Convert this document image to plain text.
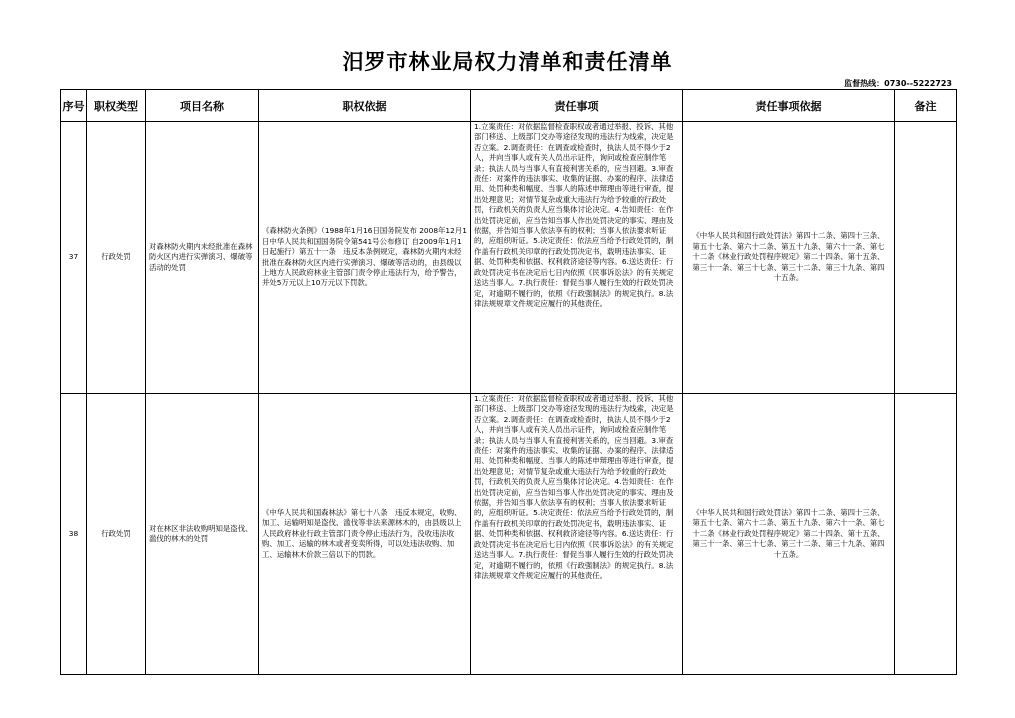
汨罗市林业局权力清单和责任清单
监督热线：0730--5222723
序号	职权类型	项目名称	职权依据	责任事项	责任事项依据	备注
37	行政处罚	对森林防火期内未经批准在森林防火区内进行实弹演习、爆破等活动的处罚	《森林防火条例》（1988年1月16日国务院发布 2008年12月1日中华人民共和国国务院令第541号公布修订 自2009年1月1日起施行）第五十一条　违反本条例规定，森林防火期内未经批准在森林防火区内进行实弹演习、爆破等活动的，由县级以上地方人民政府林业主管部门责令停止违法行为，给予警告，并处5万元以上10万元以下罚款。	1.立案责任：对依据监督检查职权或者通过举报、投诉、其他部门移送、上级部门交办等途径发现的违法行为线索，决定是否立案。2.调查责任：在调查或检查时，执法人员不得少于2人，并向当事人或有关人员出示证件，询问或检查应制作笔录；执法人员与当事人有直接利害关系的，应当回避。3.审查责任：对案件的违法事实、收集的证据、办案的程序、法律适用、处罚种类和幅度、当事人的陈述申辩理由等进行审查，提出处理意见；对情节复杂或重大违法行为给予较重的行政处罚，行政机关的负责人应当集体讨论决定。4.告知责任：在作出处罚决定前，应当告知当事人作出处罚决定的事实、理由及依据，并告知当事人依法享有的权利；当事人依法要求听证的，应组织听证。5.决定责任：依法应当给予行政处罚的，制作盖有行政机关印章的行政处罚决定书，载明违法事实、证据、处罚种类和依据、权利救济途径等内容。6.送达责任：行政处罚决定书在决定后七日内依照《民事诉讼法》的有关规定送达当事人。7.执行责任：督促当事人履行生效的行政处罚决定，对逾期不履行的，依照《行政强制法》的规定执行。8.法律法规规章文件规定应履行的其他责任。	《中华人民共和国行政处罚法》第四十二条、第四十三条、第五十七条、第六十二条、第五十九条、第六十一条、第七十二条《林业行政处罚程序规定》第二十四条、第十五条、第三十一条、第三十七条、第三十二条、第三十九条、第四十五条。	
38	行政处罚	对在林区非法收购明知是盗伐、滥伐的林木的处罚	《中华人民共和国森林法》第七十八条　违反本规定，收购、加工、运输明知是盗伐、滥伐等非法来源林木的，由县级以上人民政府林业行政主管部门责令停止违法行为，没收违法收购、加工、运输的林木或者变卖所得，可以处违法收购、加工、运输林木价款三倍以下的罚款。	1.立案责任：对依据监督检查职权或者通过举报、投诉、其他部门移送、上级部门交办等途径发现的违法行为线索，决定是否立案。2.调查责任：在调查或检查时，执法人员不得少于2人，并向当事人或有关人员出示证件，询问或检查应制作笔录；执法人员与当事人有直接利害关系的，应当回避。3.审查责任：对案件的违法事实、收集的证据、办案的程序、法律适用、处罚种类和幅度、当事人的陈述申辩理由等进行审查，提出处理意见；对情节复杂或重大违法行为给予较重的行政处罚，行政机关的负责人应当集体讨论决定。4.告知责任：在作出处罚决定前，应当告知当事人作出处罚决定的事实、理由及依据，并告知当事人依法享有的权利；当事人依法要求听证的，应组织听证。5.决定责任：依法应当给予行政处罚的，制作盖有行政机关印章的行政处罚决定书，载明违法事实、证据、处罚种类和依据、权利救济途径等内容。6.送达责任：行政处罚决定书在决定后七日内依照《民事诉讼法》的有关规定送达当事人。7.执行责任：督促当事人履行生效的行政处罚决定，对逾期不履行的，依照《行政强制法》的规定执行。8.法律法规规章文件规定应履行的其他责任。	《中华人民共和国行政处罚法》第四十二条、第四十三条、第五十七条、第六十二条、第五十九条、第六十一条、第七十二条《林业行政处罚程序规定》第二十四条、第十五条、第三十一条、第三十七条、第三十二条、第三十九条、第四十五条。	
